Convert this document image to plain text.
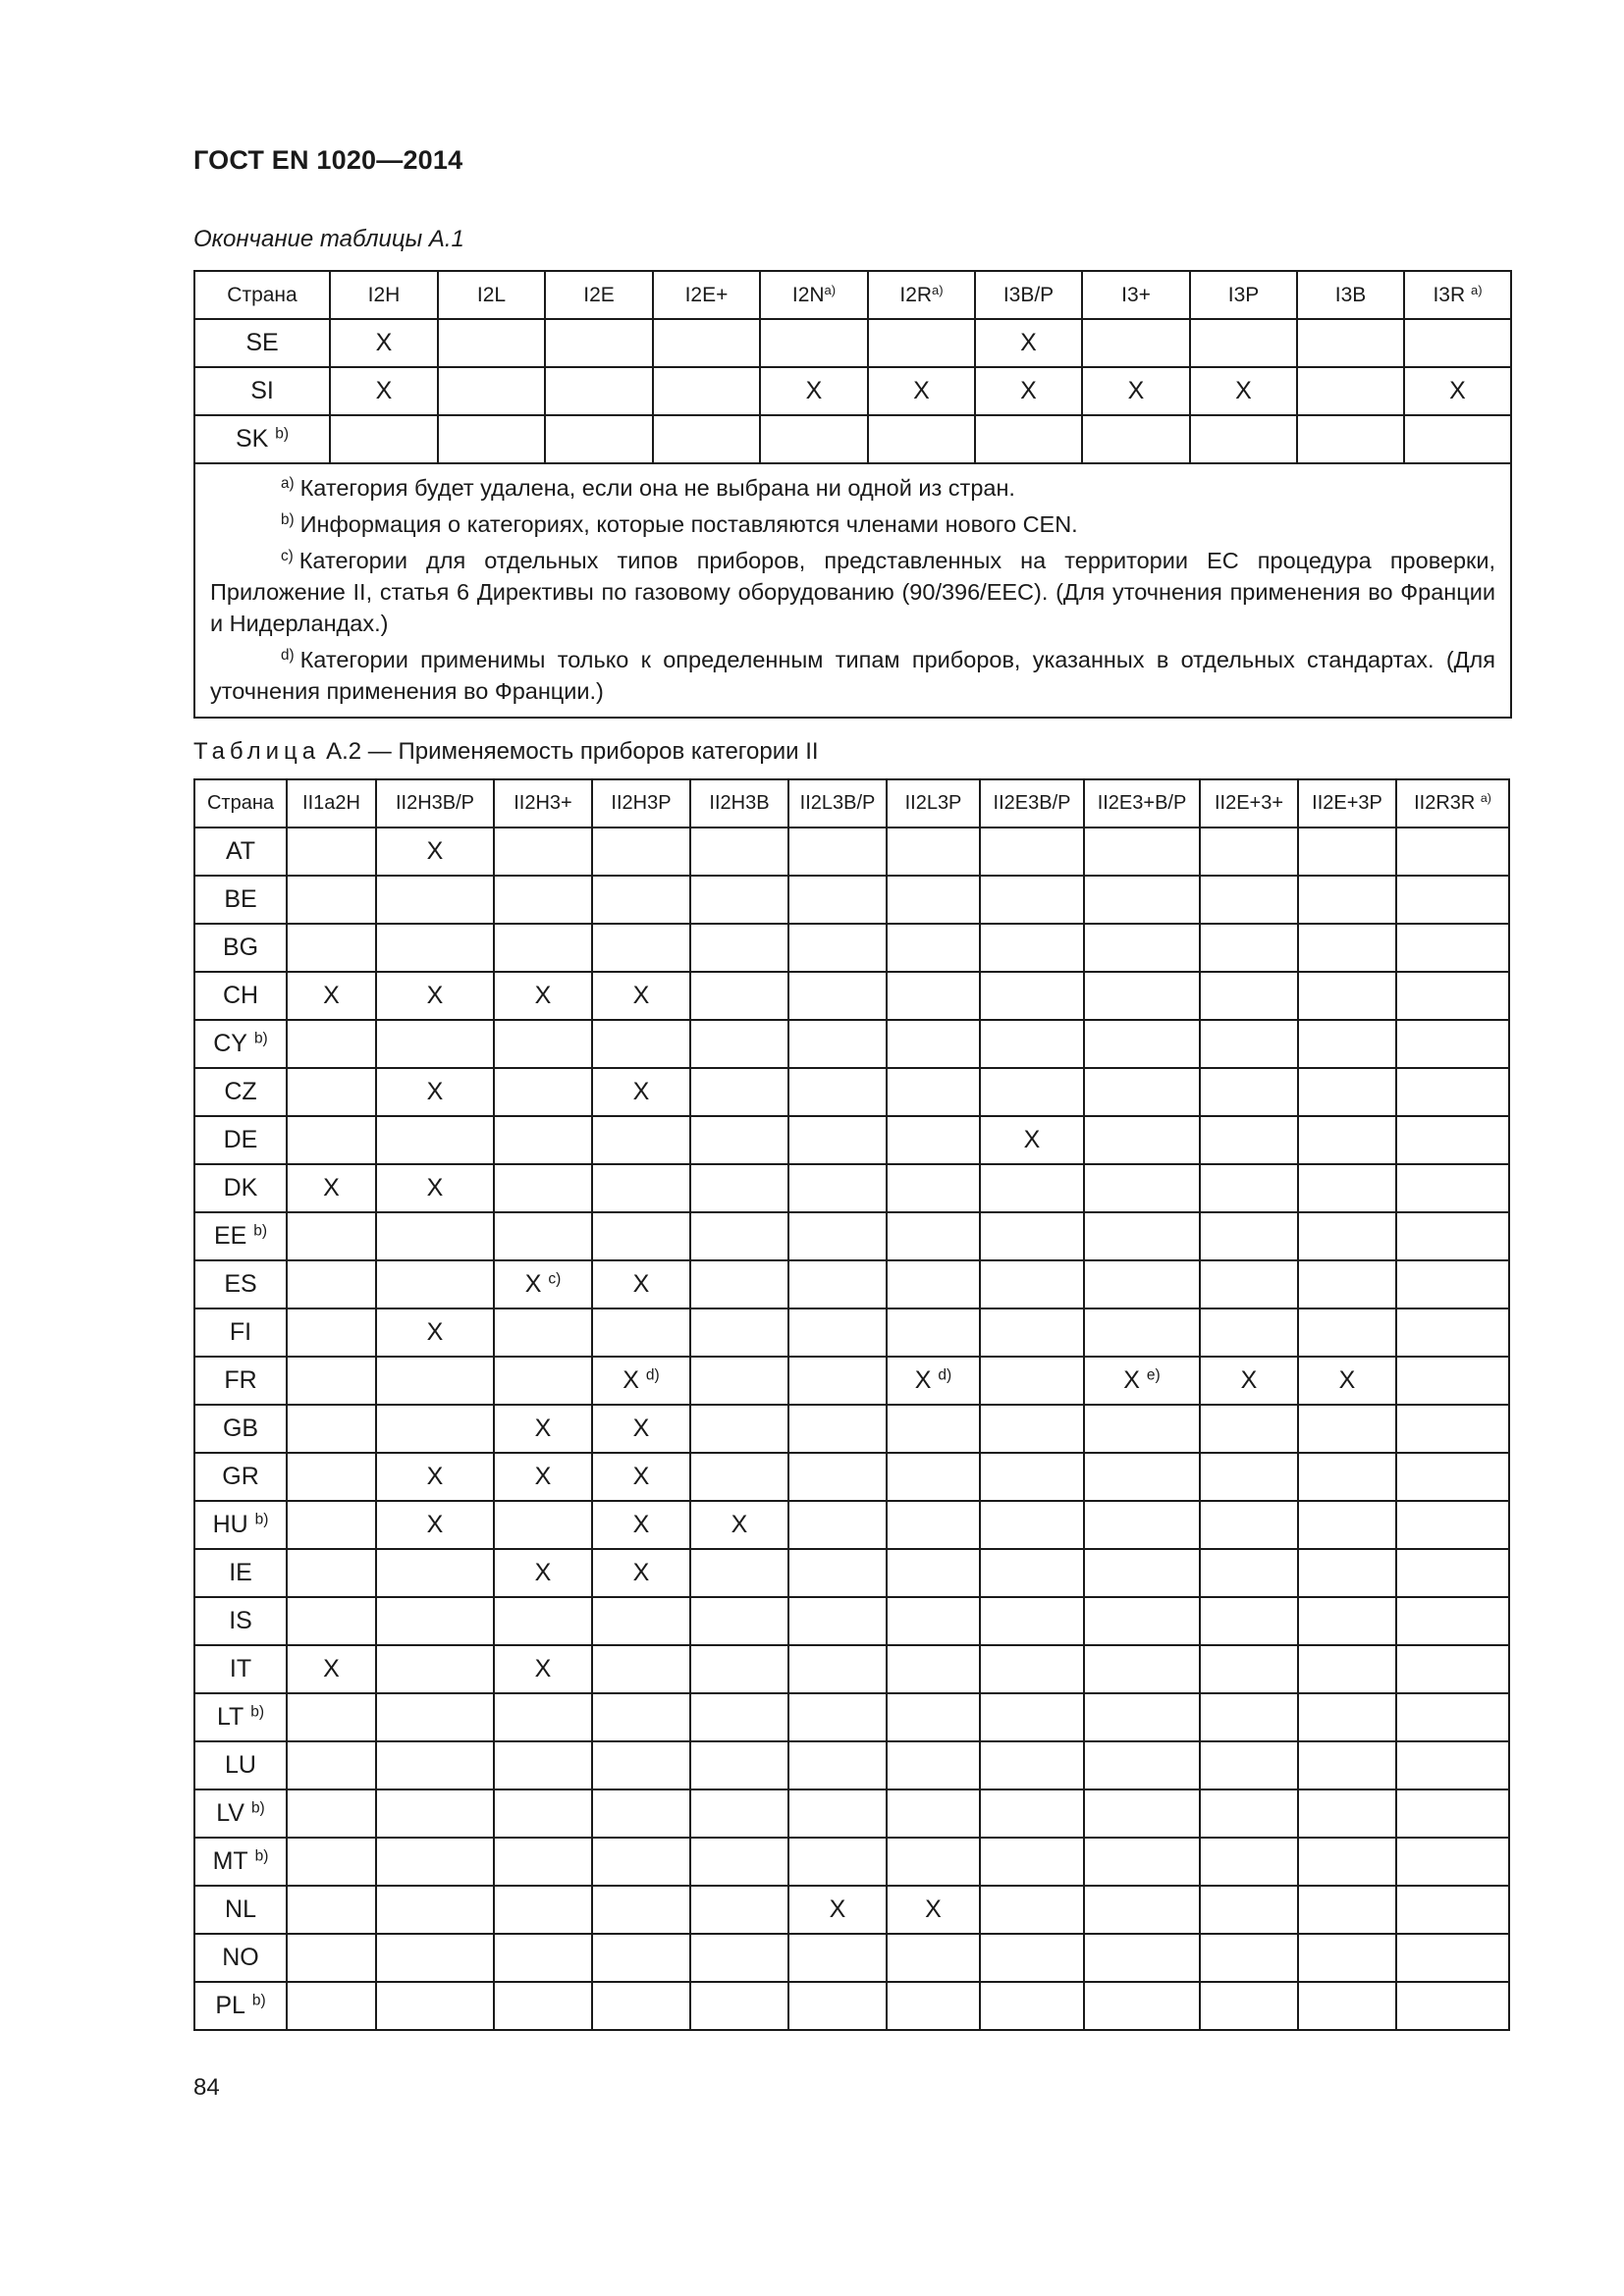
ГОСТ EN 1020—2014
Окончание таблицы А.1
Страна	I2H	I2L	I2E	I2E+	$I2N^{a)}$	$I2R^{a)}$	I3B/P	I3+	I3P	I3B	I3R $^{a)}$
SE	X						X				
SI	X				X	X	X	X	X		X
SK $^{b)}$											

$^{a)}$ Категория будет удалена, если она не выбрана ни одной из стран.
$^{b)}$ Информация о категориях, которые поставляются членами нового CEN.
$^{c)}$ Категории для отдельных типов приборов, представленных на территории ЕС процедура проверки, Приложение II, статья 6 Директивы по газовому оборудованию (90/396/ЕЕС). (Для уточнения применения во Франции и Нидерландах.)
$^{d)}$ Категории применимы только к определенным типам приборов, указанных в отдельных стандартах. (Для уточнения применения во Франции.)											
Таблица А.2 — Применяемость приборов категории II
Страна	II1a2H	II2H3B/P	II2H3+	II2H3P	II2H3B	II2L3B/P	II2L3P	II2E3B/P	II2E3+B/P	II2E+3+	II2E+3P	II2R3R $^{a)}$
AT		X										
BE												
BG												
CH	X	X	X	X								
CY $^{b)}$												
CZ		X		X								
DE								X				
DK	X	X										
EE $^{b)}$												
ES			X $^{c)}$	X								
FI		X										
FR				X $^{d)}$			X $^{d)}$		X $^{e)}$	X	X	
GB			X	X								
GR		X	X	X								
HU $^{b)}$		X		X	X							
IE			X	X								
IS												
IT	X		X									
LT $^{b)}$												
LU												
LV $^{b)}$												
MT $^{b)}$												
NL						X	X					
NO												
PL $^{b)}$												
84
